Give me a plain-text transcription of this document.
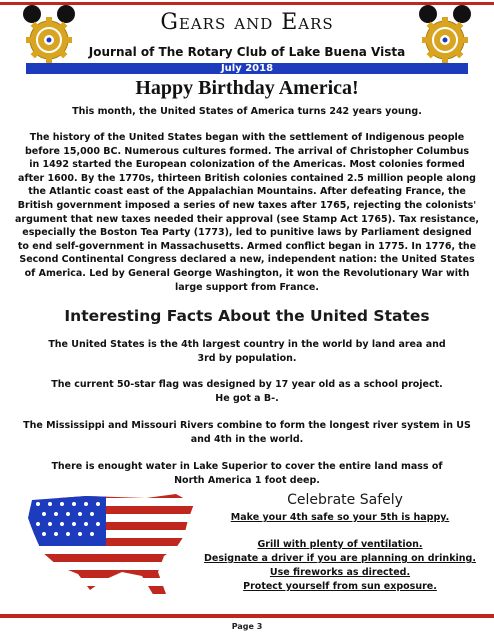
Gears and Ears
Journal of The Rotary Club of Lake Buena Vista
July 2018
Happy Birthday America!
This month, the United States of America turns 242 years young.
The history of the United States began with the settlement of Indigenous people
before 15,000 BC. Numerous cultures formed. The arrival of Christopher Columbus
in 1492 started the European colonization of the Americas. Most colonies formed
after 1600. By the 1770s, thirteen British colonies contained 2.5 million people along
the Atlantic coast east of the Appalachian Mountains. After defeating France, the
British government imposed a series of new taxes after 1765, rejecting the colonists'
argument that new taxes needed their approval (see Stamp Act 1765). Tax resistance,
especially the Boston Tea Party (1773), led to punitive laws by Parliament designed
to end self-government in Massachusetts. Armed conflict began in 1775. In 1776, the
Second Continental Congress declared a new, independent nation: the United States
of America. Led by General George Washington, it won the Revolutionary War with
large support from France.
Interesting Facts About the United States
The United States is the 4th largest country in the world by land area and
3rd by population.
The current 50-star flag was designed by 17 year old as a school project.
He got a B-.
The Mississippi and Missouri Rivers combine to form the longest river system in US
and 4th in the world.
There is enought water in Lake Superior to cover the entire land mass of
North America 1 foot deep.
Celebrate Safely
Make your 4th safe so your 5th is happy.
Grill with plenty of ventilation.
Designate a driver if you are planning on drinking.
Use fireworks as directed.
Protect yourself from sun exposure.
Page 3
